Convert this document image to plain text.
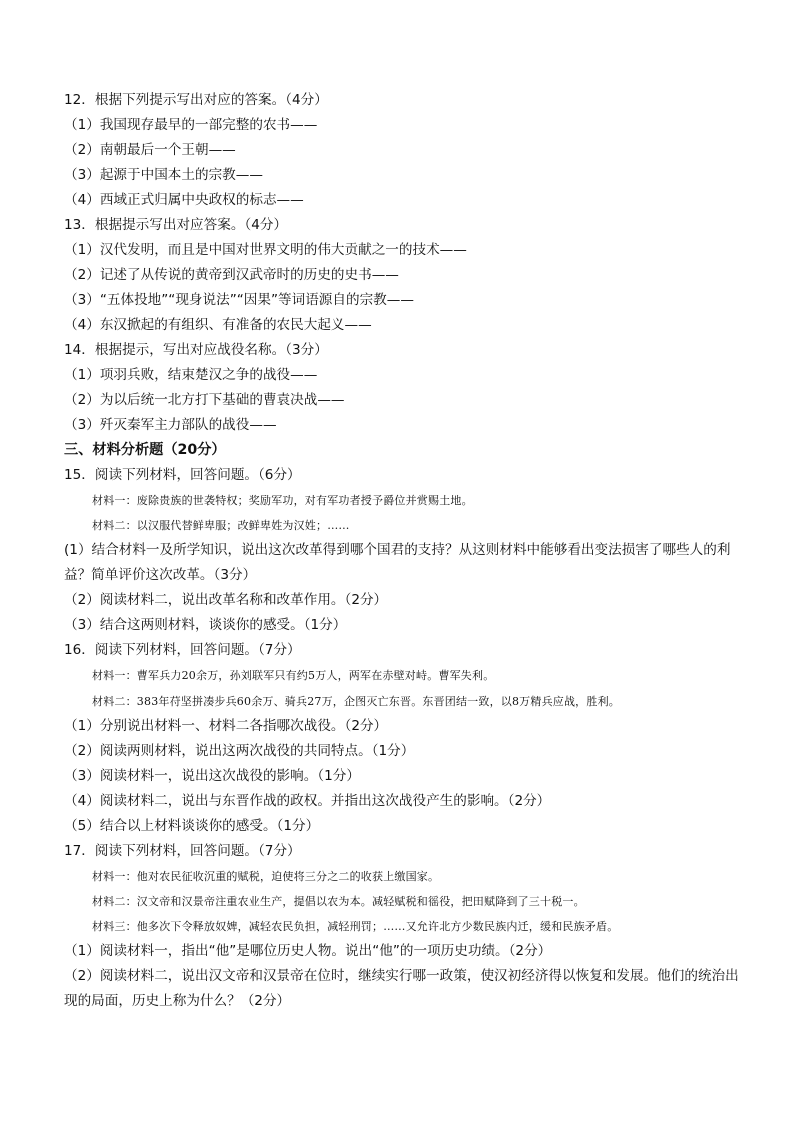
12．根据下列提示写出对应的答案。（4分）
（1）我国现存最早的一部完整的农书——
（2）南朝最后一个王朝——
（3）起源于中国本土的宗教——
（4）西域正式归属中央政权的标志——
13．根据提示写出对应答案。（4分）
（1）汉代发明，而且是中国对世界文明的伟大贡献之一的技术——
（2）记述了从传说的黄帝到汉武帝时的历史的史书——
（3）“五体投地”“现身说法”“因果”等词语源自的宗教——
（4）东汉掀起的有组织、有准备的农民大起义——
14．根据提示，写出对应战役名称。（3分）
（1）项羽兵败，结束楚汉之争的战役——
（2）为以后统一北方打下基础的曹袁决战——
（3）歼灭秦军主力部队的战役——
三、材料分析题（20分）
15．阅读下列材料，回答问题。（6分）
材料一：废除贵族的世袭特权；奖励军功，对有军功者授予爵位并赏赐土地。
材料二：以汉服代替鲜卑服；改鲜卑姓为汉姓；……
(1）结合材料一及所学知识，说出这次改革得到哪个国君的支持？从这则材料中能够看出变法损害了哪些人的利益？简单评价这次改革。（3分）
（2）阅读材料二，说出改革名称和改革作用。（2分）
（3）结合这两则材料，谈谈你的感受。（1分）
16．阅读下列材料，回答问题。（7分）
材料一：曹军兵力20余万，孙刘联军只有约5万人，两军在赤壁对峙。曹军失利。
材料二：383年苻坚拼凑步兵60余万、骑兵27万，企图灭亡东晋。东晋团结一致，以8万精兵应战，胜利。
（1）分别说出材料一、材料二各指哪次战役。（2分）
（2）阅读两则材料，说出这两次战役的共同特点。（1分）
（3）阅读材料一，说出这次战役的影响。（1分）
（4）阅读材料二，说出与东晋作战的政权。并指出这次战役产生的影响。（2分）
（5）结合以上材料谈谈你的感受。（1分）
17．阅读下列材料，回答问题。（7分）
材料一：他对农民征收沉重的赋税，迫使将三分之二的收获上缴国家。
材料二：汉文帝和汉景帝注重农业生产，提倡以农为本。减轻赋税和徭役，把田赋降到了三十税一。
材料三：他多次下令释放奴婢，减轻农民负担，减轻刑罚；……又允许北方少数民族内迁，缓和民族矛盾。
（1）阅读材料一，指出“他”是哪位历史人物。说出“他”的一项历史功绩。（2分）
（2）阅读材料二，说出汉文帝和汉景帝在位时，继续实行哪一政策，使汉初经济得以恢复和发展。他们的统治出现的局面，历史上称为什么？（2分）
